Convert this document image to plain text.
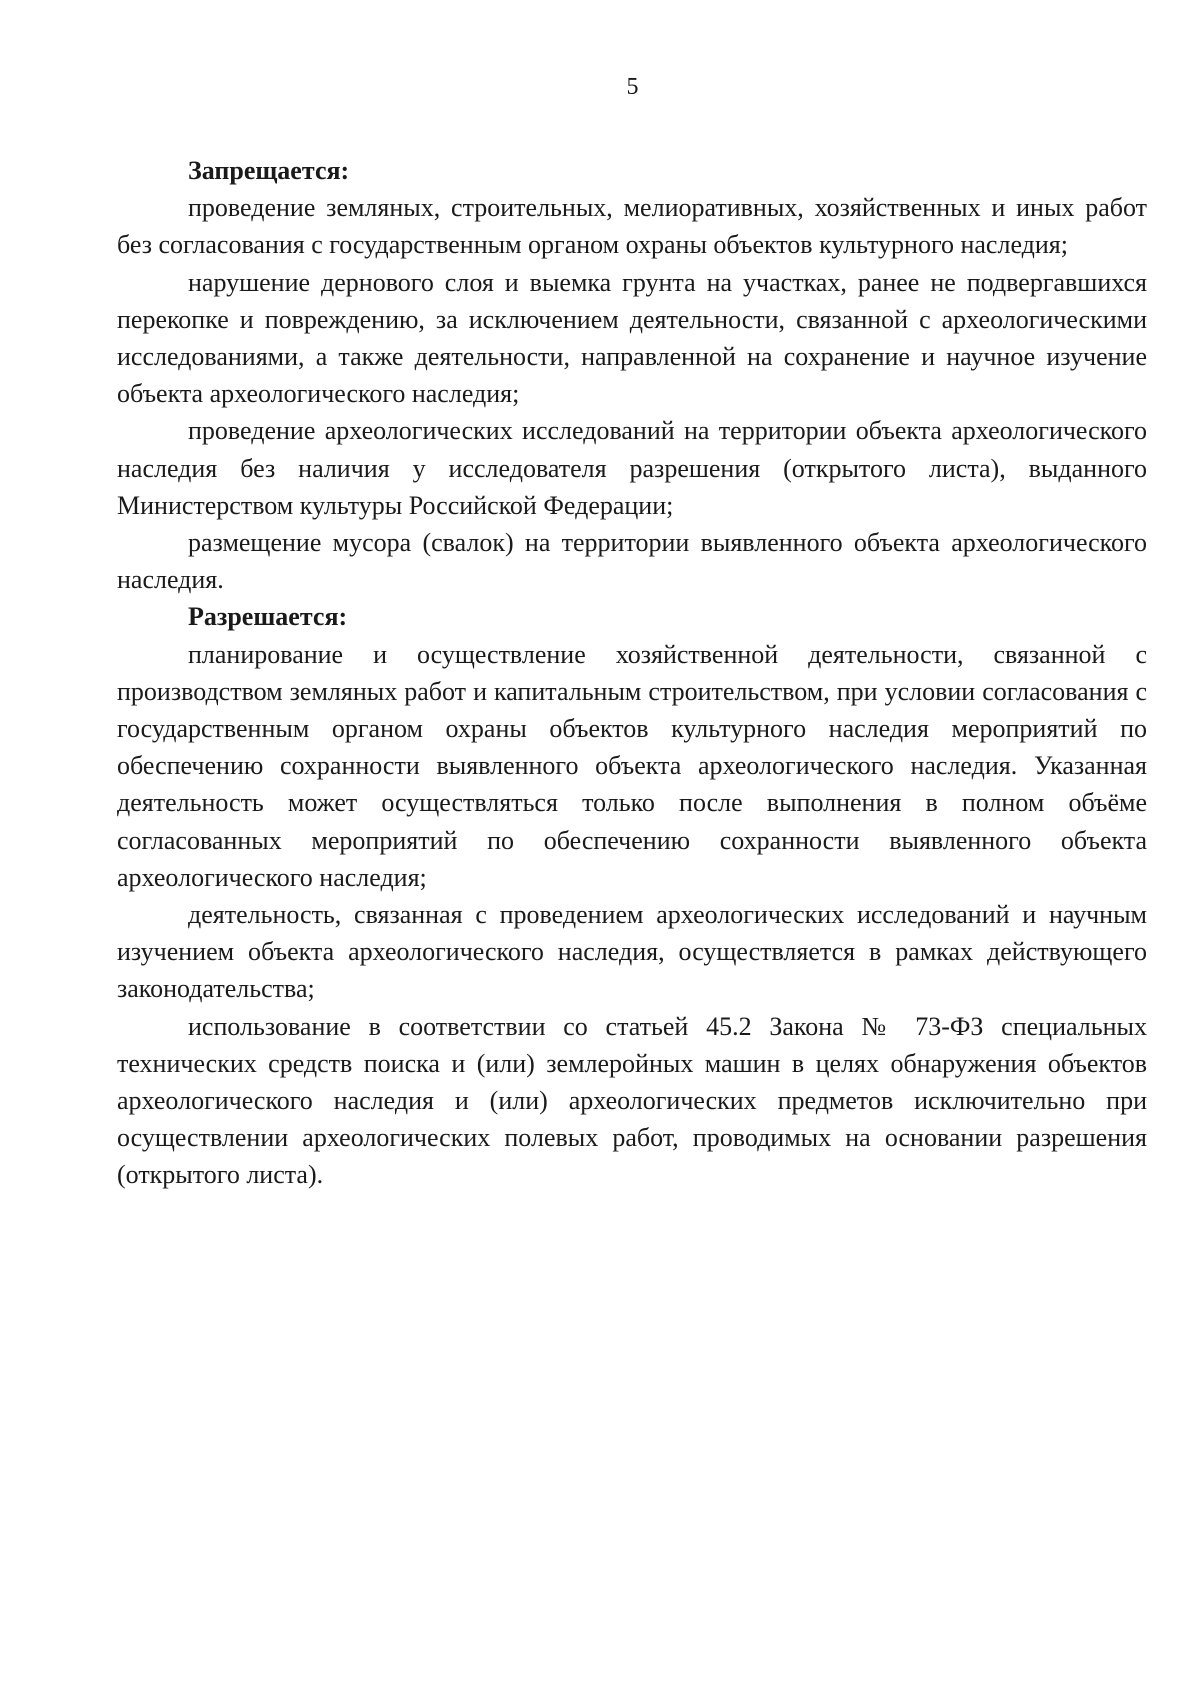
5

Запрещается:

проведение земляных, строительных, мелиоративных, хозяйственных и иных работ без согласования с государственным органом охраны объектов культурного наследия;

нарушение дернового слоя и выемка грунта на участках, ранее не подвергавшихся перекопке и повреждению, за исключением деятельности, связанной с археологическими исследованиями, а также деятельности, направленной на сохранение и научное изучение объекта археологического наследия;

проведение археологических исследований на территории объекта археологического наследия без наличия у исследователя разрешения (открытого листа), выданного Министерством культуры Российской Федерации;

размещение мусора (свалок) на территории выявленного объекта археологического наследия.

Разрешается:

планирование и осуществление хозяйственной деятельности, связанной с производством земляных работ и капитальным строительством, при условии согласования с государственным органом охраны объектов культурного наследия мероприятий по обеспечению сохранности выявленного объекта археологического наследия. Указанная деятельность может осуществляться только после выполнения в полном объёме согласованных мероприятий по обеспечению сохранности выявленного объекта археологического наследия;

деятельность, связанная с проведением археологических исследований и научным изучением объекта археологического наследия, осуществляется в рамках действующего законодательства;

использование в соответствии со статьей 45.2 Закона № 73-ФЗ специальных технических средств поиска и (или) землеройных машин в целях обнаружения объектов археологического наследия и (или) археологических предметов исключительно при осуществлении археологических полевых работ, проводимых на основании разрешения (открытого листа).
